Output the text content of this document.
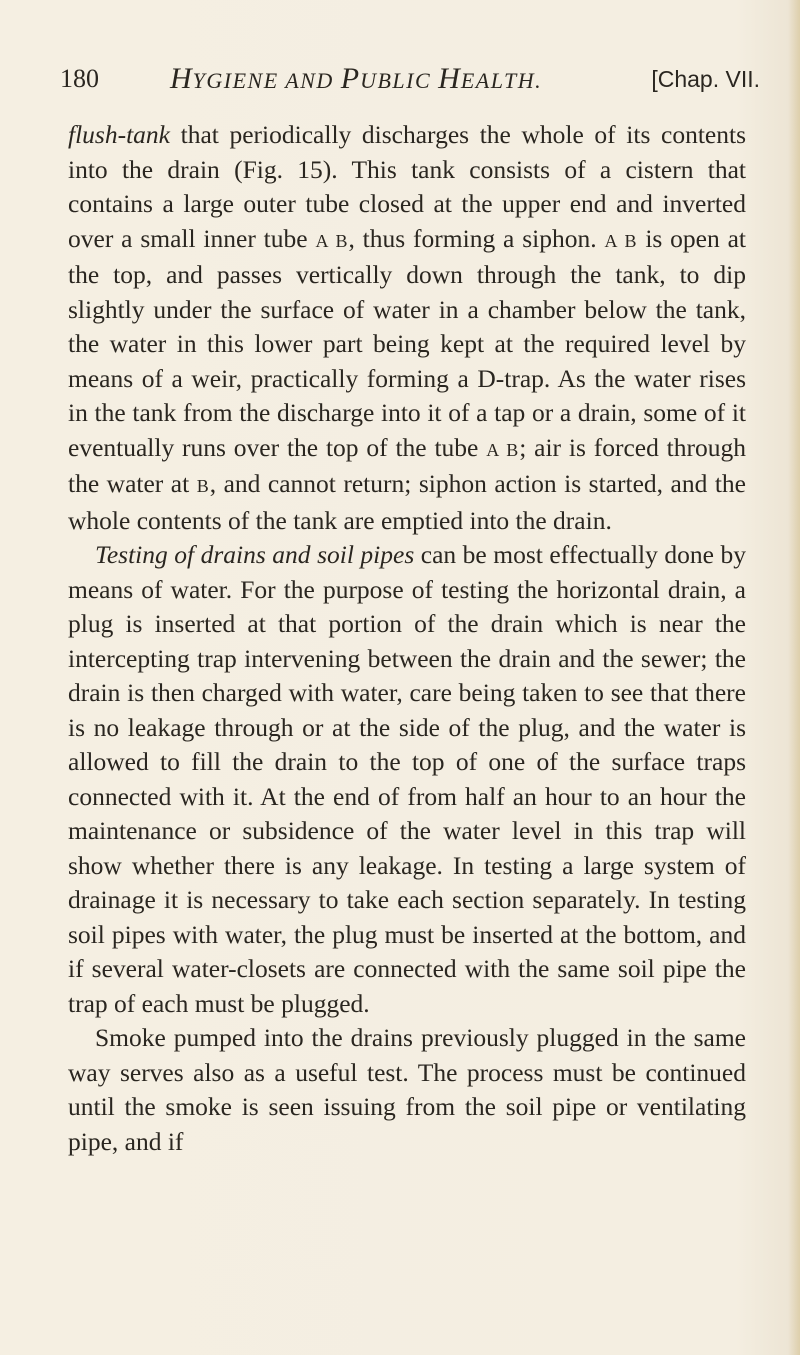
180 HYGIENE AND PUBLIC HEALTH.	[Chap. VII.

flush-tank that periodically discharges the whole of its contents into the drain (Fig. 15). This tank consists of a cistern that contains a large outer tube closed at the upper end and inverted over a small inner tube A B, thus forming a siphon. A B is open at the top, and passes vertically down through the tank, to dip slightly under the surface of water in a chamber below the tank, the water in this lower part being kept at the required level by means of a weir, practically forming a D-trap. As the water rises in the tank from the discharge into it of a tap or a drain, some of it eventually runs over the top of the tube A B; air is forced through the water at B, and cannot return; siphon action is started, and the whole contents of the tank are emptied into the drain.

Testing of drains and soil pipes can be most effectually done by means of water. For the purpose of testing the horizontal drain, a plug is inserted at that portion of the drain which is near the intercepting trap intervening between the drain and the sewer; the drain is then charged with water, care being taken to see that there is no leakage through or at the side of the plug, and the water is allowed to fill the drain to the top of one of the surface traps connected with it. At the end of from half an hour to an hour the maintenance or subsidence of the water level in this trap will show whether there is any leakage. In testing a large system of drainage it is necessary to take each section separately. In testing soil pipes with water, the plug must be inserted at the bottom, and if several water-closets are connected with the same soil pipe the trap of each must be plugged.

Smoke pumped into the drains previously plugged in the same way serves also as a useful test. The process must be continued until the smoke is seen issuing from the soil pipe or ventilating pipe, and if
